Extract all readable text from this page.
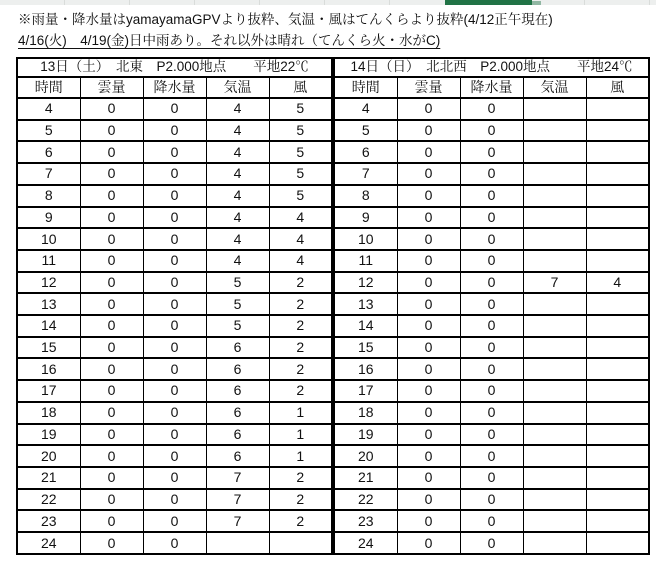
※雨量・降水量はyamayamaGPVより抜粋、気温・風はてんくらより抜粋(4/12正午現在)
4/16(火)　4/19(金)日中雨あり。それ以外は晴れ（てんくら火・水がC)
13日（土）　北東　P2.000地点　　平地22℃				
時間	雲量	降水量	気温	風
4	0	0	4	5
5	0	0	4	5
6	0	0	4	5
7	0	0	4	5
8	0	0	4	5
9	0	0	4	4
10	0	0	4	4
11	0	0	4	4
12	0	0	5	2
13	0	0	5	2
14	0	0	5	2
15	0	0	6	2
16	0	0	6	2
17	0	0	6	2
18	0	0	6	1
19	0	0	6	1
20	0	0	6	1
21	0	0	7	2
22	0	0	7	2
23	0	0	7	2
24	0	0		
14日（日）　北北西　P2.000地点　　平地24℃				
時間	雲量	降水量	気温	風
4	0	0		
5	0	0		
6	0	0		
7	0	0		
8	0	0		
9	0	0		
10	0	0		
11	0	0		
12	0	0	7	4
13	0	0		
14	0	0		
15	0	0		
16	0	0		
17	0	0		
18	0	0		
19	0	0		
20	0	0		
21	0	0		
22	0	0		
23	0	0		
24	0	0		
